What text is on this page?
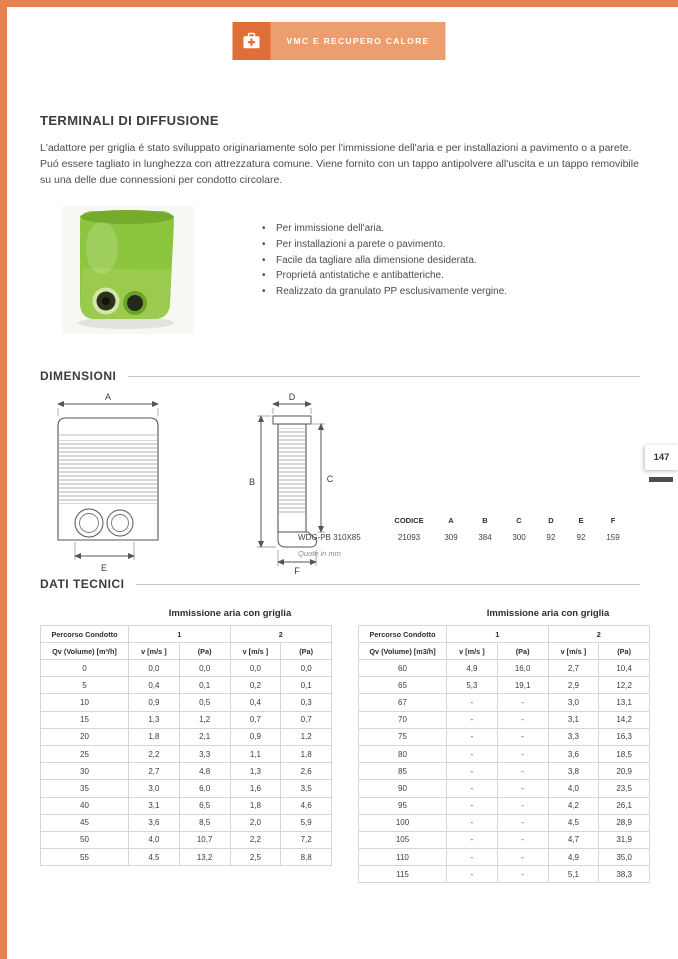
VMC E RECUPERO CALORE
TERMINALI DI DIFFUSIONE
L'adattore per griglia é stato sviluppato originariamente solo per l'immissione dell'aria e per installazioni a pavimento o a parete. Puó essere tagliato in lunghezza con attrezzatura comune. Viene fornito con un tappo antipolvere all'uscita e un tappo removibile su una delle due connessioni per condotto circolare.
•	Per immissione dell'aria.
•	Per installazioni a parete o pavimento.
•	Facile da tagliare alla dimensione desiderata.
•	Proprietá antistatiche e antibatteriche.
•	Realizzato da granulato PP esclusivamente vergine.
DIMENSIONI
A
E
D
B	C
F
CODICE	A	B	C	D	E	F
WDG-PB 310X85	21093	309	384	300	92	92	159
Quote in mm
147
DATI TECNICI
Immissione aria con griglia
Percorso Condotto	1		2	
Qv (Volume) [m³/h]	v [m/s ]	(Pa)	v [m/s ]	(Pa)
0	0,0	0,0	0,0	0,0
5	0,4	0,1	0,2	0,1
10	0,9	0,5	0,4	0,3
15	1,3	1,2	0,7	0,7
20	1,8	2,1	0,9	1,2
25	2,2	3,3	1,1	1,8
30	2,7	4,8	1,3	2,6
35	3,0	6,0	1,6	3,5
40	3,1	6,5	1,8	4,6
45	3,6	8,5	2,0	5,9
50	4,0	10,7	2,2	7,2
55	4,5	13,2	2,5	8,8
Immissione aria con griglia
Percorso Condotto	1		2	
Qv (Volume) [m3/h]	v [m/s ]	(Pa)	v [m/s ]	(Pa)
60	4,9	16,0	2,7	10,4
65	5,3	19,1	2,9	12,2
67	-	-	3,0	13,1
70	-	-	3,1	14,2
75	-	-	3,3	16,3
80	-	-	3,6	18,5
85	-	-	3,8	20,9
90	-	-	4,0	23,5
95	-	-	4,2	26,1
100	-	-	4,5	28,9
105	-	-	4,7	31,9
110	-	-	4,9	35,0
115	-	-	5,1	38,3
